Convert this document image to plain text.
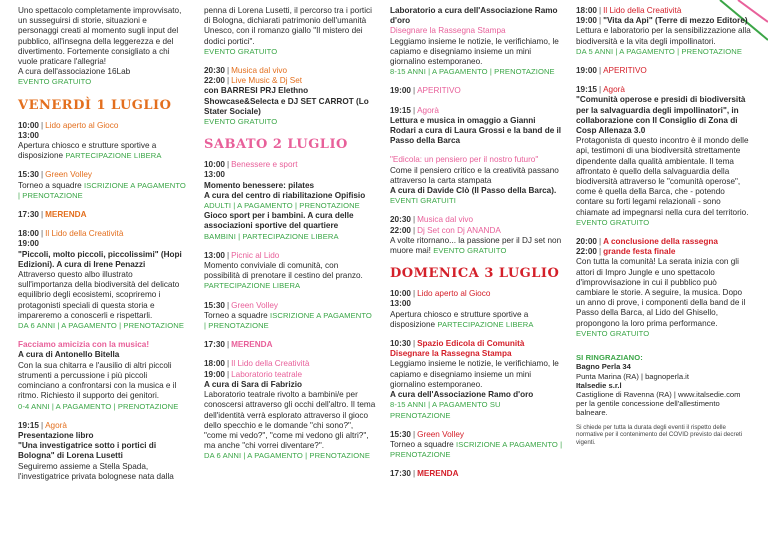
Uno spettacolo completamente improvvisato, un susseguirsi di storie, situazioni e personaggi creati al momento sugli input del pubblico, all'insegna della leggerezza e del divertimento. Fortemente consigliato a chi vuole praticare l'allegria!

A cura dell'associazione 16Lab

EVENTO GRATUITO

VENERDÌ 1 LUGLIO

10:00 | Lido aperto al Gioco

13:00

Apertura chiosco e strutture sportive a disposizione PARTECIPAZIONE LIBERA

15:30 | Green Volley

Torneo a squadre ISCRIZIONE A PAGAMENTO | PRENOTAZIONE

17:30 | MERENDA

18:00 | Il Lido della Creatività

19:00

"Piccoli, molto piccoli, piccolissimi" (Hopi Edizioni). A cura di Irene Penazzi

Attraverso questo albo illustrato sull'importanza della biodiversità del delicato equilibrio degli ecosistemi, scopriremo i protagonisti speciali di questa storia e impareremo a conoscerli e rispettarli.

DA 6 ANNI | A PAGAMENTO | PRENOTAZIONE

Facciamo amicizia con la musica!

A cura di Antonello Bitella

Con la sua chitarra e l'ausilio di altri piccoli strumenti a percussione i più piccoli cominciano a confrontarsi con la musica e il ritmo. Richiesto il supporto dei genitori.

0-4 ANNI | A PAGAMENTO | PRENOTAZIONE

19:15 | Agorà

Presentazione libro

"Una investigatrice sotto i portici di Bologna" di Lorena Lusetti

Seguiremo assieme a Stella Spada, l'investigatrice privata bolognese nata dalla

penna di Lorena Lusetti, il percorso tra i portici di Bologna, dichiarati patrimonio dell'umanità Unesco, con il romanzo giallo "Il mistero dei dodici portici".

EVENTO GRATUITO

20:30 | Musica dal vivo

22:00 | Live Music & Dj Set

con BARRESI PRJ Elethno Showcase&Selecta e DJ SET CARROT (Lo Stater Sociale)

EVENTO GRATUITO

SABATO 2 LUGLIO

10:00 | Benessere e sport

13:00

Momento benessere: pilates

A cura del centro di riabilitazione Opifisio

ADULTI | A PAGAMENTO | PRENOTAZIONE

Gioco sport per i bambini. A cura delle associazioni sportive del quartiere

BAMBINI | PARTECIPAZIONE LIBERA

13:00 | Picnic al Lido

Momento conviviale di comunità, con possibilità di prenotare il cestino del pranzo. PARTECIPAZIONE LIBERA

15:30 | Green Volley

Torneo a squadre ISCRIZIONE A PAGAMENTO | PRENOTAZIONE

17:30 | MERENDA

18:00 | Il Lido della Creatività

19:00 | Laboratorio teatrale

A cura di Sara di Fabrizio

Laboratorio teatrale rivolto a bambini/e per conoscersi attraverso gli occhi dell'altro. Il tema dell'identità verrà esplorato attraverso il gioco dello specchio e le domande "chi sono?", "come mi vedo?", "come mi vedono gli altri?", ma anche "chi vorrei diventare?".

DA 6 ANNI | A PAGAMENTO | PRENOTAZIONE

Laboratorio a cura dell'Associazione Ramo d'oro

Disegnare la Rassegna Stampa

Leggiamo insieme le notizie, le verifichiamo, le capiamo e disegniamo insieme un mini giornalino estemporaneo.

8-15 ANNI | A PAGAMENTO | PRENOTAZIONE

19:00 | APERITIVO

19:15 | Agorà

Lettura e musica in omaggio a Gianni Rodari a cura di Laura Grossi e la band de il Passo della Barca

"Edicola: un pensiero per il nostro futuro"

Come il pensiero critico e la creatività passano attraverso la carta stampata

A cura di Davide Clò (Il Passo della Barca). EVENTI GRATUITI

20:30 | Musica dal vivo

22:00 | Dj Set con Dj ANANDA

A volte ritornano... la passione per il DJ set non muore mai! EVENTO GRATUITO

DOMENICA 3 LUGLIO

10:00 | Lido aperto al Gioco

13:00

Apertura chiosco e strutture sportive a disposizione PARTECIPAZIONE LIBERA

10:30 | Spazio Edicola di Comunità

Disegnare la Rassegna Stampa

Leggiamo insieme le notizie, le verifichiamo, le capiamo e disegniamo insieme un mini giornalino estemporaneo.

A cura dell'Associazione Ramo d'oro

8-15 ANNI | A PAGAMENTO SU PRENOTAZIONE

15:30 | Green Volley

Torneo a squadre ISCRIZIONE A PAGAMENTO | PRENOTAZIONE

17:30 | MERENDA

18:00 | Il Lido della Creatività

19:00 | "Vita da Api" (Terre di mezzo Editore)

Lettura e laboratorio per la sensibilizzazione alla biodiversità e la vita degli impollinatori.

DA 5 ANNI | A PAGAMENTO | PRENOTAZIONE

19:00 | APERITIVO

19:15 | Agorà

"Comunità operose e presidi di biodiversità per la salvaguardia degli impollinatori", in collaborazione con Il Consiglio di Zona di Cosp Allenaza 3.0

Protagonista di questo incontro è il mondo delle api, testimoni di una biodiversità strettamente dipendente dalla qualità ambientale. Il tema affrontato è quello della salvaguardia della biodiversità attraverso le "comunità operose", come è quella della Barca, che - potendo contare su forti legami relazionali - sono chiamate ad impegnarsi nella cura del territorio.

EVENTO GRATUITO

20:00 | A conclusione della rassegna

22:00 | grande festa finale

Con tutta la comunità! La serata inizia con gli attori di Impro Jungle e uno spettacolo d'improvvisazione in cui il pubblico può cambiare le storie. A seguire, la musica. Dopo un anno di prove, i componenti della band de il Passo della Barca, al Lido del Ghisello, propongono la loro prima performance.

EVENTO GRATUITO

SI RINGRAZIANO:

Bagno Perla 34

Punta Marina (RA) | bagnoperla.it

Italsedie s.r.l

Castiglione di Ravenna (RA) | www.italsedie.com per la gentile concessione dell'allestimento balneare.

Si chiede per tutta la durata degli eventi il rispetto delle normative per il contenimento del COVID previsto dai decreti vigenti.
